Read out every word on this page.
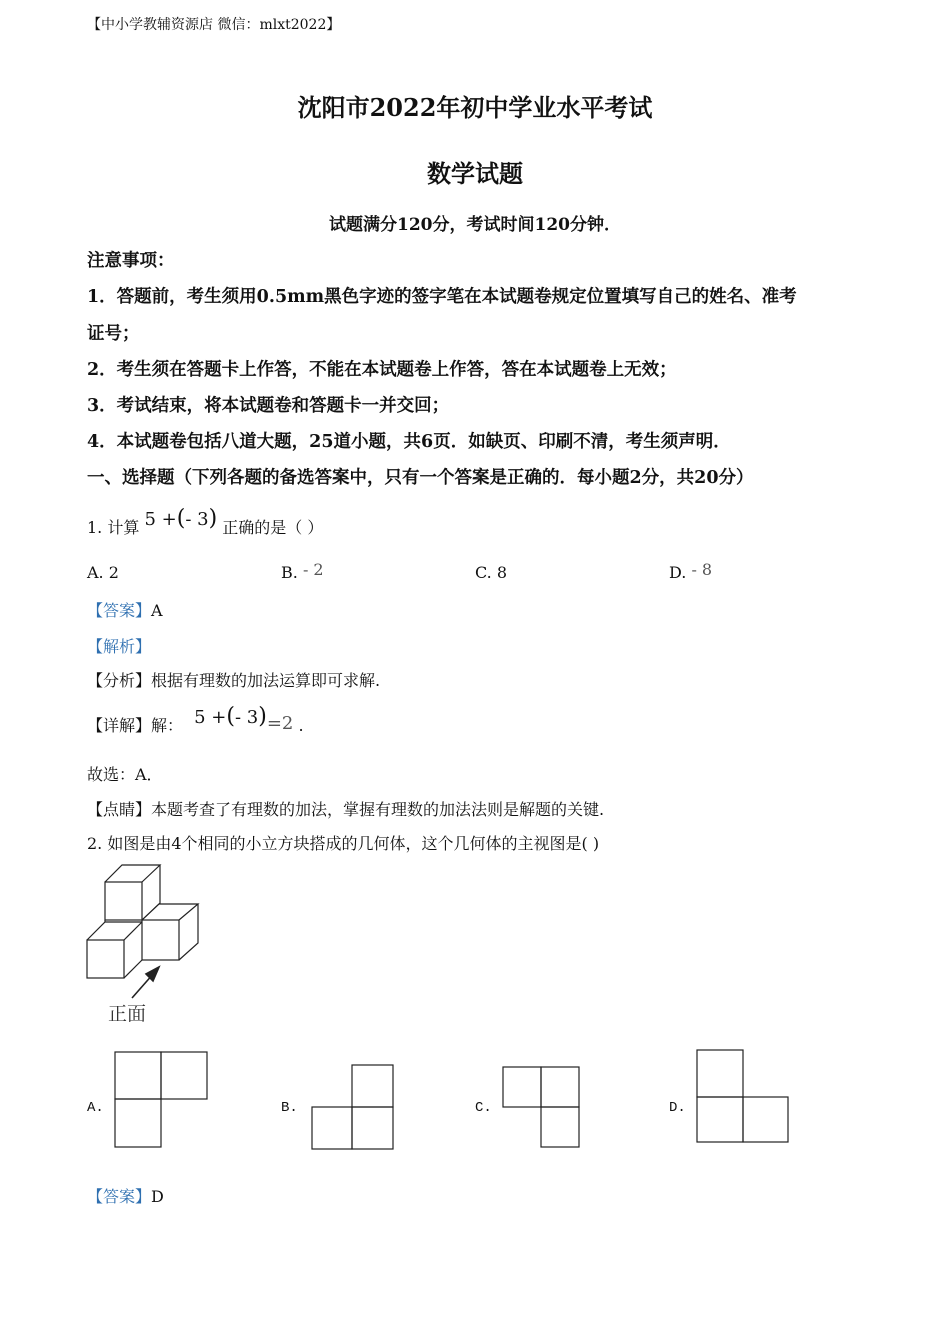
【中小学教辅资源店 微信：mlxt2022】
沈阳市2022年初中学业水平考试
数学试题
试题满分120分，考试时间120分钟．
注意事项：
1．答题前，考生须用0.5mm黑色字迹的签字笔在本试题卷规定位置填写自己的姓名、准考
证号；
2．考生须在答题卡上作答，不能在本试题卷上作答，答在本试题卷上无效；
3．考试结束，将本试题卷和答题卡一并交回；
4．本试题卷包括八道大题，25道小题，共6页．如缺页、印刷不清，考生须声明．
一、选择题（下列各题的备选答案中，只有一个答案是正确的．每小题2分，共20分）
1. 计算 5 +(- 3) 正确的是（ ）
A. 2	B. - 2	C. 8	D. - 8
【答案】A
【解析】
【分析】根据有理数的加法运算即可求解.
【详解】解： 5 +(- 3)=2 .
故选：A．
【点睛】本题考查了有理数的加法，掌握有理数的加法法则是解题的关键.
2. 如图是由4个相同的小立方块搭成的几何体，这个几何体的主视图是( )
正面
A.	B.	C.	D.
【答案】D
